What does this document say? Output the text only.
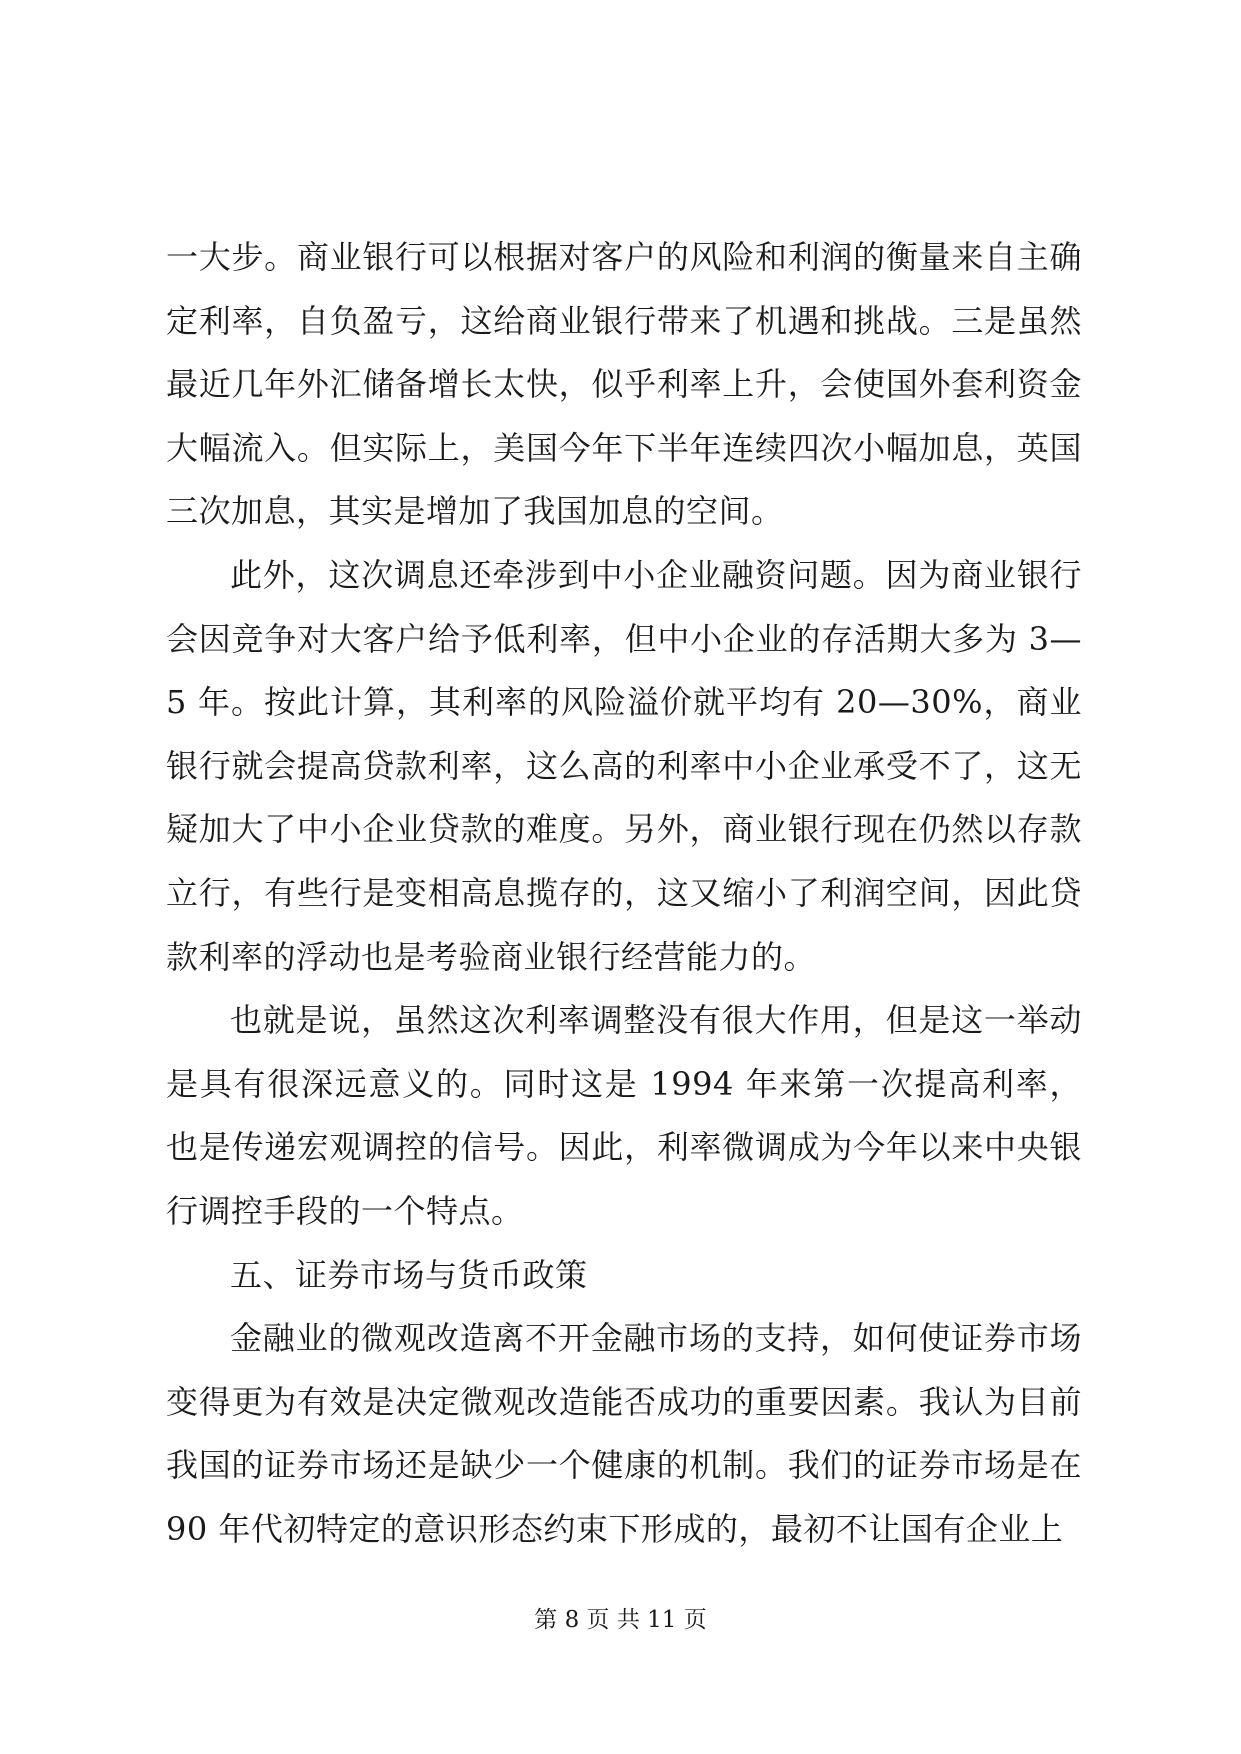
一大步。商业银行可以根据对客户的风险和利润的衡量来自主确定利率，自负盈亏，这给商业银行带来了机遇和挑战。三是虽然最近几年外汇储备增长太快，似乎利率上升，会使国外套利资金大幅流入。但实际上，美国今年下半年连续四次小幅加息，英国三次加息，其实是增加了我国加息的空间。

此外，这次调息还牵涉到中小企业融资问题。因为商业银行会因竞争对大客户给予低利率，但中小企业的存活期大多为 3—5 年。按此计算，其利率的风险溢价就平均有 20—30%，商业银行就会提高贷款利率，这么高的利率中小企业承受不了，这无疑加大了中小企业贷款的难度。另外，商业银行现在仍然以存款立行，有些行是变相高息揽存的，这又缩小了利润空间，因此贷款利率的浮动也是考验商业银行经营能力的。

也就是说，虽然这次利率调整没有很大作用，但是这一举动是具有很深远意义的。同时这是 1994 年来第一次提高利率，也是传递宏观调控的信号。因此，利率微调成为今年以来中央银行调控手段的一个特点。

五、证券市场与货币政策

金融业的微观改造离不开金融市场的支持，如何使证券市场变得更为有效是决定微观改造能否成功的重要因素。我认为目前我国的证券市场还是缺少一个健康的机制。我们的证券市场是在 90 年代初特定的意识形态约束下形成的，最初不让国有企业上

第 8 页 共 11 页
